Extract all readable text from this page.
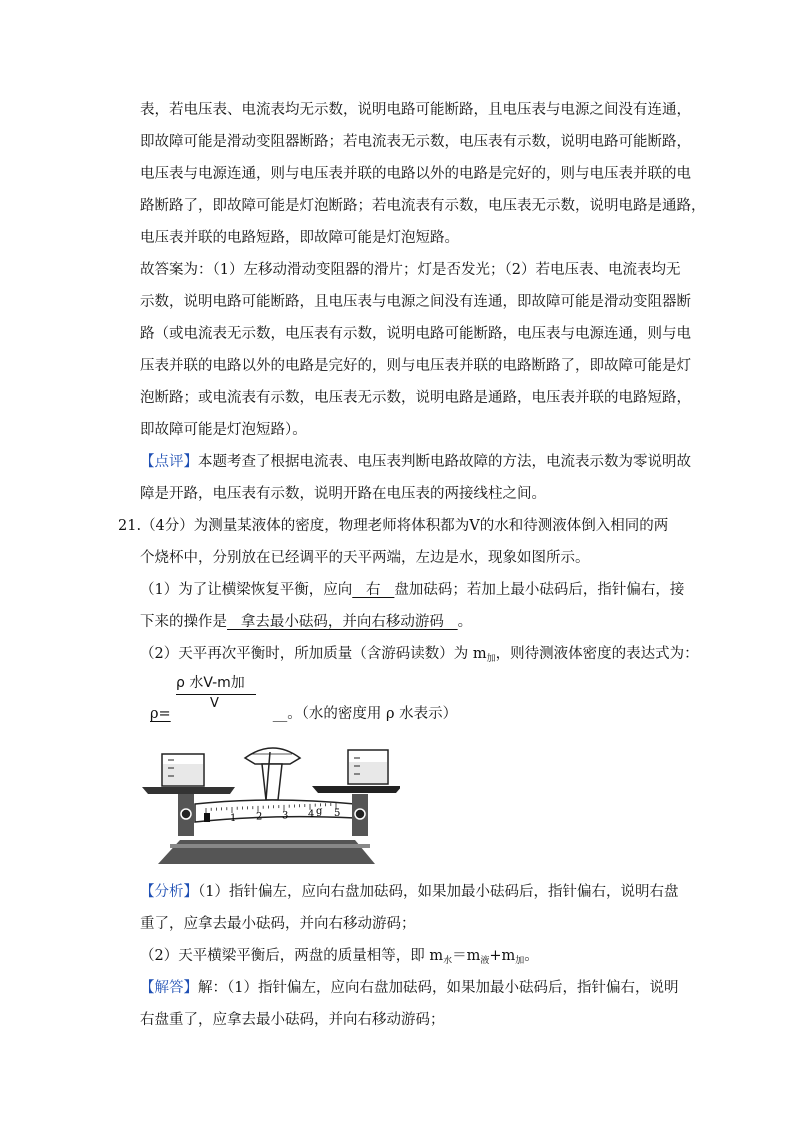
表，若电压表、电流表均无示数，说明电路可能断路，且电压表与电源之间没有连通，
即故障可能是滑动变阻器断路；若电流表无示数，电压表有示数，说明电路可能断路，
电压表与电源连通，则与电压表并联的电路以外的电路是完好的，则与电压表并联的电
路断路了，即故障可能是灯泡断路；若电流表有示数，电压表无示数，说明电路是通路，
电压表并联的电路短路，即故障可能是灯泡短路。
故答案为：（1）左移动滑动变阻器的滑片；灯是否发光；（2）若电压表、电流表均无
示数，说明电路可能断路，且电压表与电源之间没有连通，即故障可能是滑动变阻器断
路（或电流表无示数，电压表有示数，说明电路可能断路，电压表与电源连通，则与电
压表并联的电路以外的电路是完好的，则与电压表并联的电路断路了，即故障可能是灯
泡断路；或电流表有示数，电压表无示数，说明电路是通路，电压表并联的电路短路，
即故障可能是灯泡短路）。
【点评】本题考查了根据电流表、电压表判断电路故障的方法，电流表示数为零说明故
障是开路，电压表有示数，说明开路在电压表的两接线柱之间。
21.（4分）为测量某液体的密度，物理老师将体积都为V的水和待测液体倒入相同的两
个烧杯中，分别放在已经调平的天平两端，左边是水，现象如图所示。
（1）为了让横梁恢复平衡，应向   右   盘加砝码；若加上最小砝码后，指针偏右，接
下来的操作是   拿去最小砝码，并向右移动游码   。
（2）天平再次平衡时，所加质量（含游码读数）为 $m_加$，则待测液体密度的表达式为：
ρ 水V-m加
V
ρ=	__。（水的密度用 ρ 水表示）
1 2 3 4 5
g
【分析】（1）指针偏左，应向右盘加砝码，如果加最小砝码后，指针偏右，说明右盘
重了，应拿去最小砝码，并向右移动游码；
（2）天平横梁平衡后，两盘的质量相等，即 $m_水=m_液+m_加$。
【解答】解：（1）指针偏左，应向右盘加砝码，如果加最小砝码后，指针偏右，说明
右盘重了，应拿去最小砝码，并向右移动游码；
